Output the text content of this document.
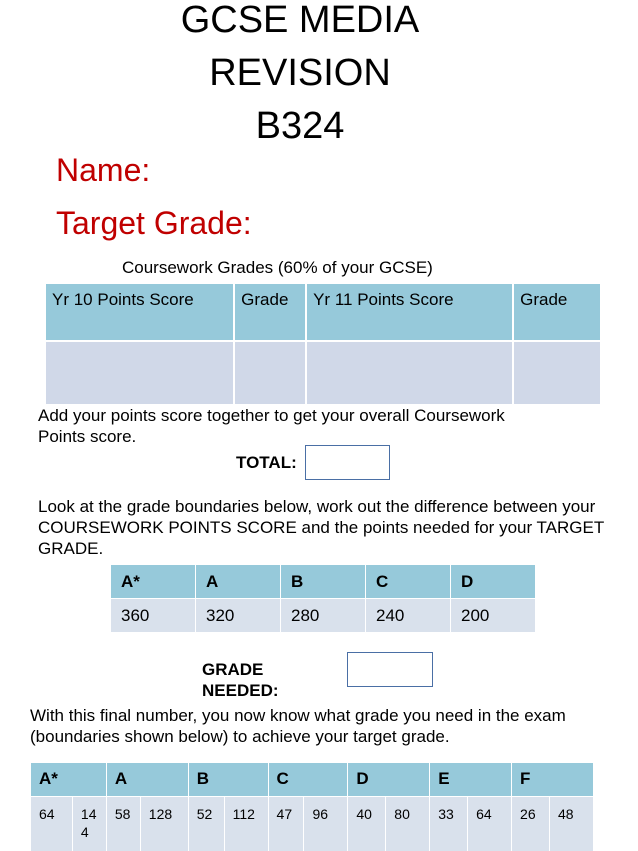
GCSE MEDIA
REVISION
B324
Name:
Target Grade:
Coursework Grades (60% of your GCSE)
Yr 10 Points Score	Grade	Yr 11 Points Score	Grade

Add your points score together to get your overall Coursework Points score.
TOTAL:
Look at the grade boundaries below, work out the difference between your COURSEWORK POINTS SCORE and the points needed for your TARGET GRADE.
A*	A	B	C	D
360	320	280	240	200
GRADE NEEDED:
With this final number, you now know what grade you need in the exam (boundaries shown below) to achieve your target grade.
A*		A		B		C		D		E		F	
64	144	58	128	52	112	47	96	40	80	33	64	26	48
